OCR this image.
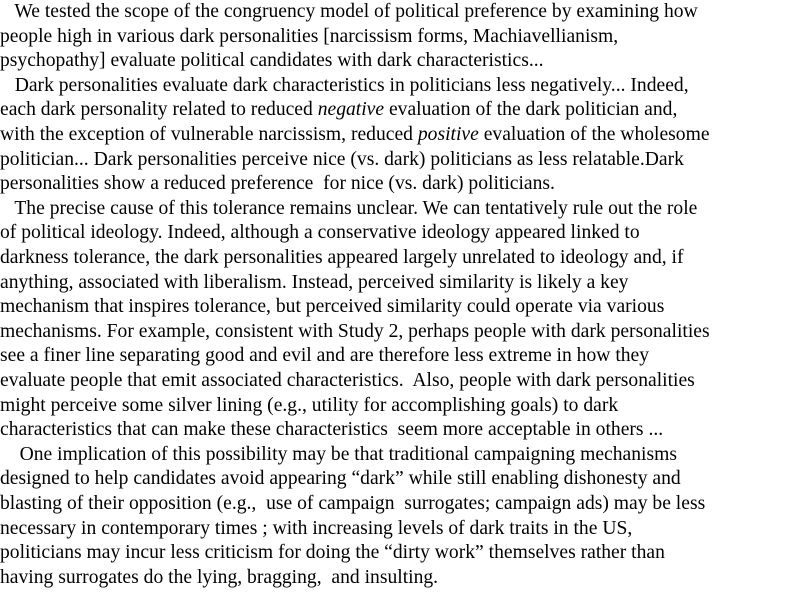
We tested the scope of the congruency model of political preference by examining how
people high in various dark personalities [narcissism forms, Machiavellianism,
psychopathy] evaluate political candidates with dark characteristics...
Dark personalities evaluate dark characteristics in politicians less negatively... Indeed,
each dark personality related to reduced negative evaluation of the dark politician and,
with the exception of vulnerable narcissism, reduced positive evaluation of the wholesome
politician... Dark personalities perceive nice (vs. dark) politicians as less relatable.Dark
personalities show a reduced preference  for nice (vs. dark) politicians.
The precise cause of this tolerance remains unclear. We can tentatively rule out the role
of political ideology. Indeed, although a conservative ideology appeared linked to
darkness tolerance, the dark personalities appeared largely unrelated to ideology and, if
anything, associated with liberalism. Instead, perceived similarity is likely a key
mechanism that inspires tolerance, but perceived similarity could operate via various
mechanisms. For example, consistent with Study 2, perhaps people with dark personalities
see a finer line separating good and evil and are therefore less extreme in how they
evaluate people that emit associated characteristics.  Also, people with dark personalities
might perceive some silver lining (e.g., utility for accomplishing goals) to dark
characteristics that can make these characteristics  seem more acceptable in others ...
One implication of this possibility may be that traditional campaigning mechanisms
designed to help candidates avoid appearing “dark” while still enabling dishonesty and
blasting of their opposition (e.g.,  use of campaign  surrogates; campaign ads) may be less
necessary in contemporary times ; with increasing levels of dark traits in the US,
politicians may incur less criticism for doing the “dirty work” themselves rather than
having surrogates do the lying, bragging,  and insulting.
